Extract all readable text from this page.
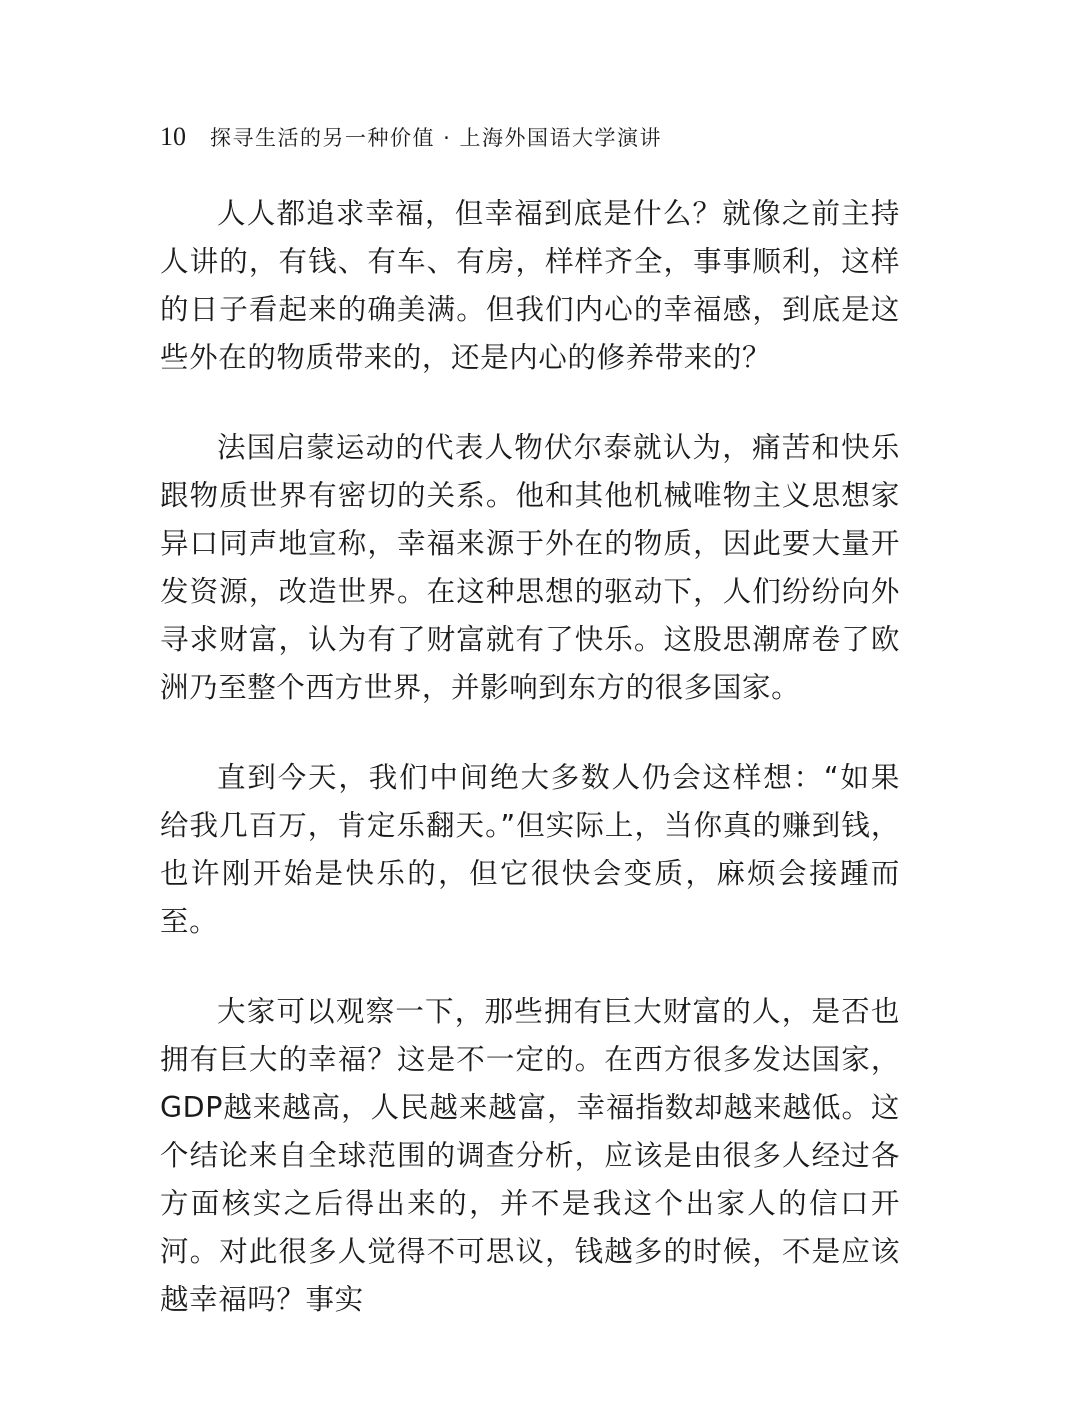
10 探寻生活的另一种价值 · 上海外国语大学演讲

人人都追求幸福，但幸福到底是什么？就像之前主持人讲的，有钱、有车、有房，样样齐全，事事顺利，这样的日子看起来的确美满。但我们内心的幸福感，到底是这些外在的物质带来的，还是内心的修养带来的？

法国启蒙运动的代表人物伏尔泰就认为，痛苦和快乐跟物质世界有密切的关系。他和其他机械唯物主义思想家异口同声地宣称，幸福来源于外在的物质，因此要大量开发资源，改造世界。在这种思想的驱动下，人们纷纷向外寻求财富，认为有了财富就有了快乐。这股思潮席卷了欧洲乃至整个西方世界，并影响到东方的很多国家。

直到今天，我们中间绝大多数人仍会这样想：“如果给我几百万，肯定乐翻天。”但实际上，当你真的赚到钱，也许刚开始是快乐的，但它很快会变质，麻烦会接踵而至。

大家可以观察一下，那些拥有巨大财富的人，是否也拥有巨大的幸福？这是不一定的。在西方很多发达国家，GDP越来越高，人民越来越富，幸福指数却越来越低。这个结论来自全球范围的调查分析，应该是由很多人经过各方面核实之后得出来的，并不是我这个出家人的信口开河。对此很多人觉得不可思议，钱越多的时候，不是应该越幸福吗？事实
